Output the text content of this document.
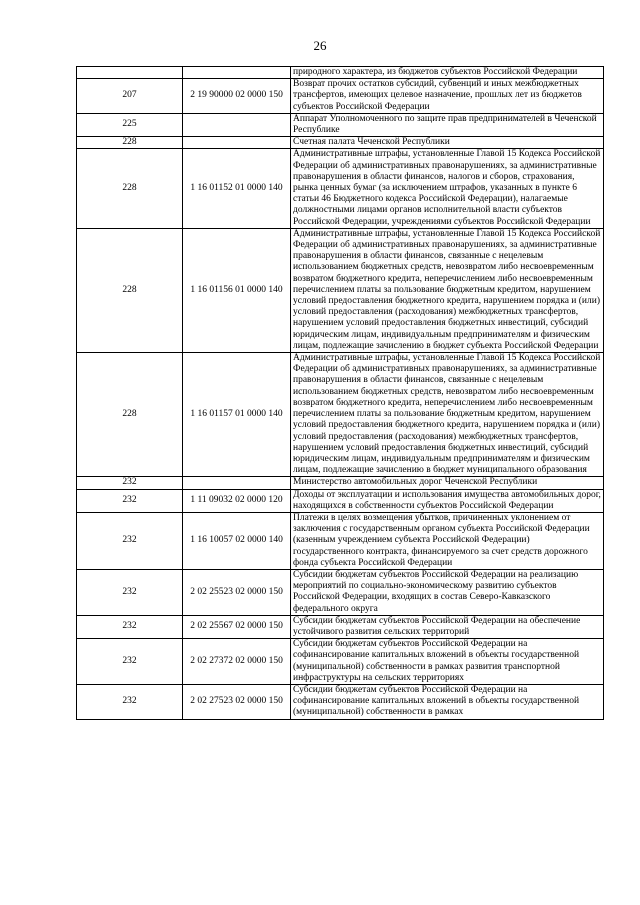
26
		природного характера, из бюджетов субъектов Российской Федерации
207	2 19 90000 02 0000 150	Возврат прочих остатков субсидий, субвенций и иных межбюджетных трансфертов, имеющих целевое назначение, прошлых лет из бюджетов субъектов Российской Федерации
225		Аппарат Уполномоченного по защите прав предпринимателей в Чеченской Республике
228		Счетная палата Чеченской Республики
228	1 16 01152 01 0000 140	Административные штрафы, установленные Главой 15 Кодекса Российской Федерации об административных правонарушениях, за административные правонарушения в области финансов, налогов и сборов, страхования, рынка ценных бумаг (за исключением штрафов, указанных в пункте 6 статьи 46 Бюджетного кодекса Российской Федерации), налагаемые должностными лицами органов исполнительной власти субъектов Российской Федерации, учреждениями субъектов Российской Федерации
228	1 16 01156 01 0000 140	Административные штрафы, установленные Главой 15 Кодекса Российской Федерации об административных правонарушениях, за административные правонарушения в области финансов, связанные с нецелевым использованием бюджетных средств, невозвратом либо несвоевременным возвратом бюджетного кредита, неперечислением либо несвоевременным перечислением платы за пользование бюджетным кредитом, нарушением условий предоставления бюджетного кредита, нарушением порядка и (или) условий предоставления (расходования) межбюджетных трансфертов, нарушением условий предоставления бюджетных инвестиций, субсидий юридическим лицам, индивидуальным предпринимателям и физическим лицам, подлежащие зачислению в бюджет субъекта Российской Федерации
228	1 16 01157 01 0000 140	Административные штрафы, установленные Главой 15 Кодекса Российской Федерации об административных правонарушениях, за административные правонарушения в области финансов, связанные с нецелевым использованием бюджетных средств, невозвратом либо несвоевременным возвратом бюджетного кредита, неперечислением либо несвоевременным перечислением платы за пользование бюджетным кредитом, нарушением условий предоставления бюджетного кредита, нарушением порядка и (или) условий предоставления (расходования) межбюджетных трансфертов, нарушением условий предоставления бюджетных инвестиций, субсидий юридическим лицам, индивидуальным предпринимателям и физическим лицам, подлежащие зачислению в бюджет муниципального образования
232		Министерство автомобильных дорог Чеченской Республики
232	1 11 09032 02 0000 120	Доходы от эксплуатации и использования имущества автомобильных дорог, находящихся в собственности субъектов Российской Федерации
232	1 16 10057 02 0000 140	Платежи в целях возмещения убытков, причиненных уклонением от заключения с государственным органом субъекта Российской Федерации (казенным учреждением субъекта Российской Федерации) государственного контракта, финансируемого за счет средств дорожного фонда субъекта Российской Федерации
232	2 02 25523 02 0000 150	Субсидии бюджетам субъектов Российской Федерации на реализацию мероприятий по социально-экономическому развитию субъектов Российской Федерации, входящих в состав Северо-Кавказского федерального округа
232	2 02 25567 02 0000 150	Субсидии бюджетам субъектов Российской Федерации на обеспечение устойчивого развития сельских территорий
232	2 02 27372 02 0000 150	Субсидии бюджетам субъектов Российской Федерации на софинансирование капитальных вложений в объекты государственной (муниципальной) собственности в рамках развития транспортной инфраструктуры на сельских территориях
232	2 02 27523 02 0000 150	Субсидии бюджетам субъектов Российской Федерации на софинансирование капитальных вложений в объекты государственной (муниципальной) собственности в рамках
